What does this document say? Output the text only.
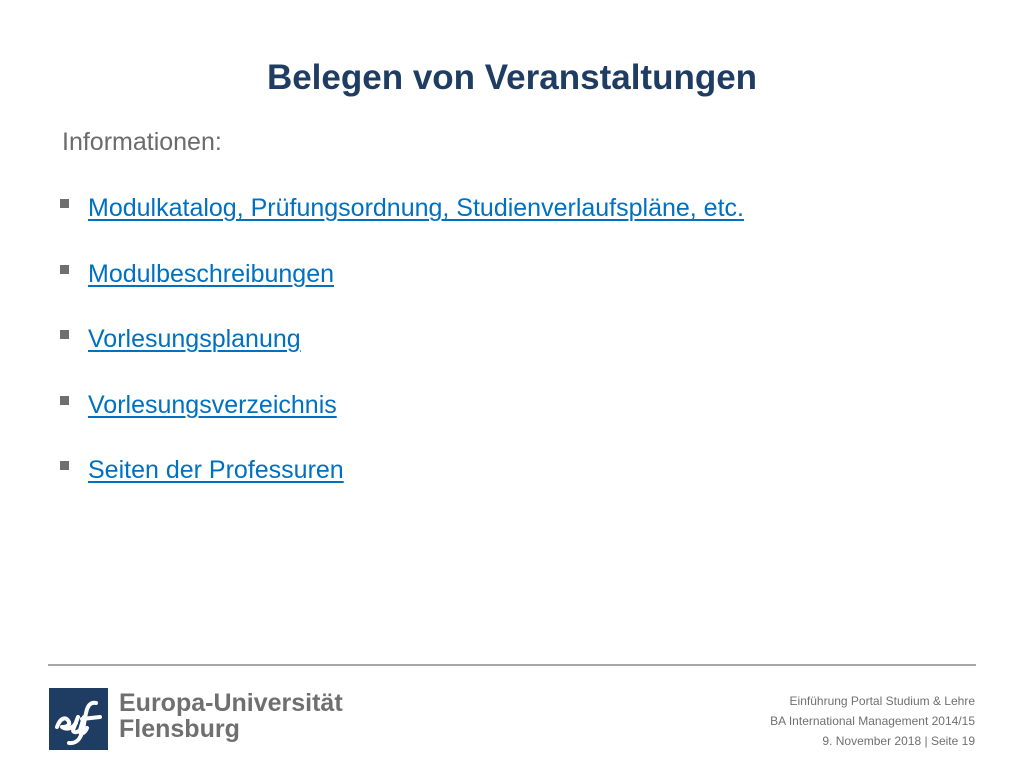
Belegen von Veranstaltungen
Informationen:
Modulkatalog, Prüfungsordnung, Studienverlaufspläne, etc.
Modulbeschreibungen
Vorlesungsplanung
Vorlesungsverzeichnis
Seiten der Professuren
Europa-Universität
Flensburg
Einführung Portal Studium & Lehre
BA International Management 2014/15
9. November 2018 | Seite 19
